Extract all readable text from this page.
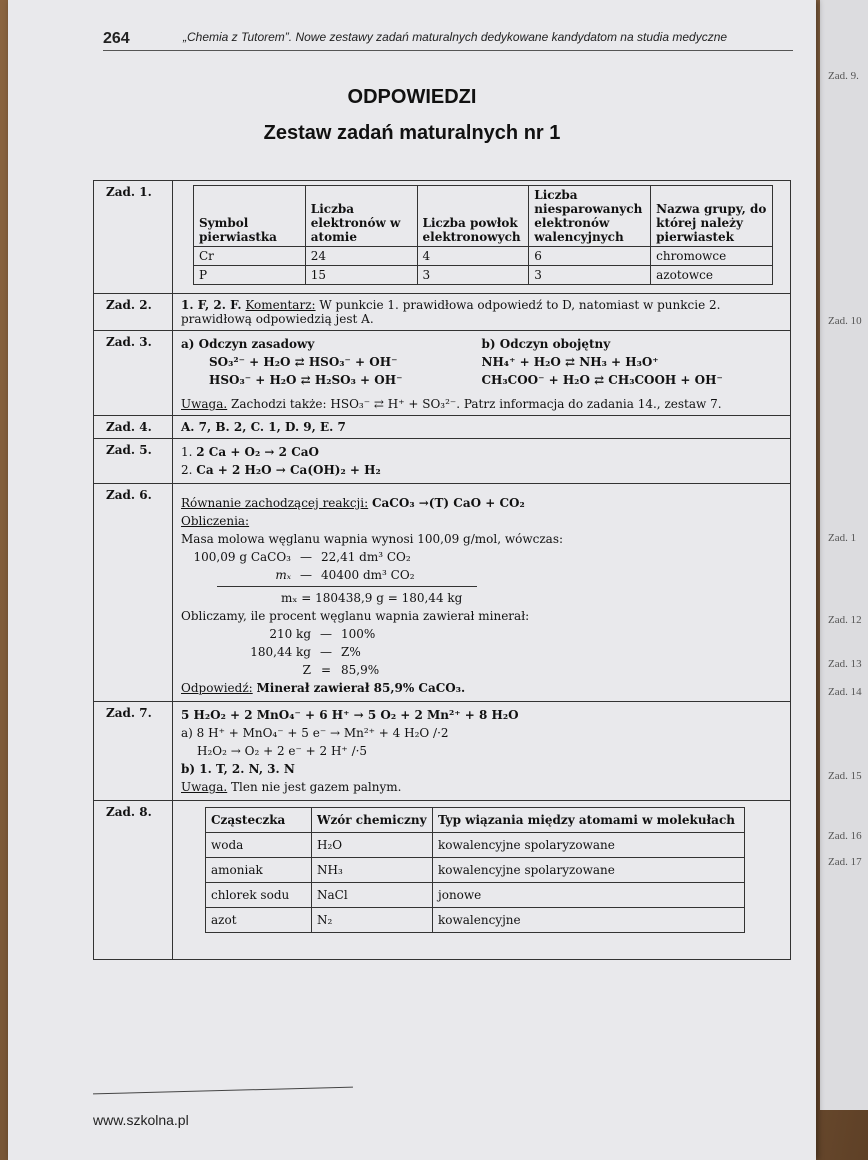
Zad. 9.
Zad. 10
Zad. 1
Zad. 12
Zad. 13
Zad. 14
Zad. 15
Zad. 16
Zad. 17
264	„Chemia z Tutorem”. Nowe zestawy zadań maturalnych dedykowane kandydatom na studia medyczne
ODPOWIEDZI
Zestaw zadań maturalnych nr 1
Zad. 1.	
Symbol pierwiastka	Liczba elektronów w atomie	Liczba powłok elektronowych	Liczba niesparowanych elektronów walencyjnych	Nazwa grupy, do której należy pierwiastek
Cr	24	4	6	chromowce
P	15	3	3	azotowce

Zad. 2.	1. F, 2. F. Komentarz: W punkcie 1. prawidłowa odpowiedź to D, natomiast w punkcie 2. prawidłową odpowiedzią jest A.
Zad. 3.	a) Odczyn zasadowy
SO₃²⁻ + H₂O ⇄ HSO₃⁻ + OH⁻
HSO₃⁻ + H₂O ⇄ H₂SO₃ + OH⁻
b) Odczyn obojętny
NH₄⁺ + H₂O ⇄ NH₃ + H₃O⁺
CH₃COO⁻ + H₂O ⇄ CH₃COOH + OH⁻
Uwaga. Zachodzi także: HSO₃⁻ ⇄ H⁺ + SO₃²⁻. Patrz informacja do zadania 14., zestaw 7.

Zad. 4.	A. 7, B. 2, C. 1, D. 9, E. 7
Zad. 5.	1. 2 Ca + O₂ → 2 CaO
2. Ca + 2 H₂O → Ca(OH)₂ + H₂

Zad. 6.	
Równanie zachodzącej reakcji: CaCO₃ →(T) CaO + CO₂
Obliczenia:
Masa molowa węglanu wapnia wynosi 100,09 g/mol, wówczas:
100,09 g CaCO₃ — 22,41 dm³ CO₂
mₓ — 40400 dm³ CO₂
mₓ = 180438,9 g = 180,44 kg
Obliczamy, ile procent węglanu wapnia zawierał minerał:
210 kg — 100%
180,44 kg — Z%
Z = 85,9%
Odpowiedź: Minerał zawierał 85,9% CaCO₃.

Zad. 7.	5 H₂O₂ + 2 MnO₄⁻ + 6 H⁺ → 5 O₂ + 2 Mn²⁺ + 8 H₂O
a) 8 H⁺ + MnO₄⁻ + 5 e⁻ → Mn²⁺ + 4 H₂O /·2
H₂O₂ → O₂ + 2 e⁻ + 2 H⁺ /·5
b) 1. T, 2. N, 3. N
Uwaga. Tlen nie jest gazem palnym.

Zad. 8.	
Cząsteczka	Wzór chemiczny	Typ wiązania między atomami w molekułach
woda	H₂O	kowalencyjne spolaryzowane
amoniak	NH₃	kowalencyjne spolaryzowane
chlorek sodu	NaCl	jonowe
azot	N₂	kowalencyjne
www.szkolna.pl
